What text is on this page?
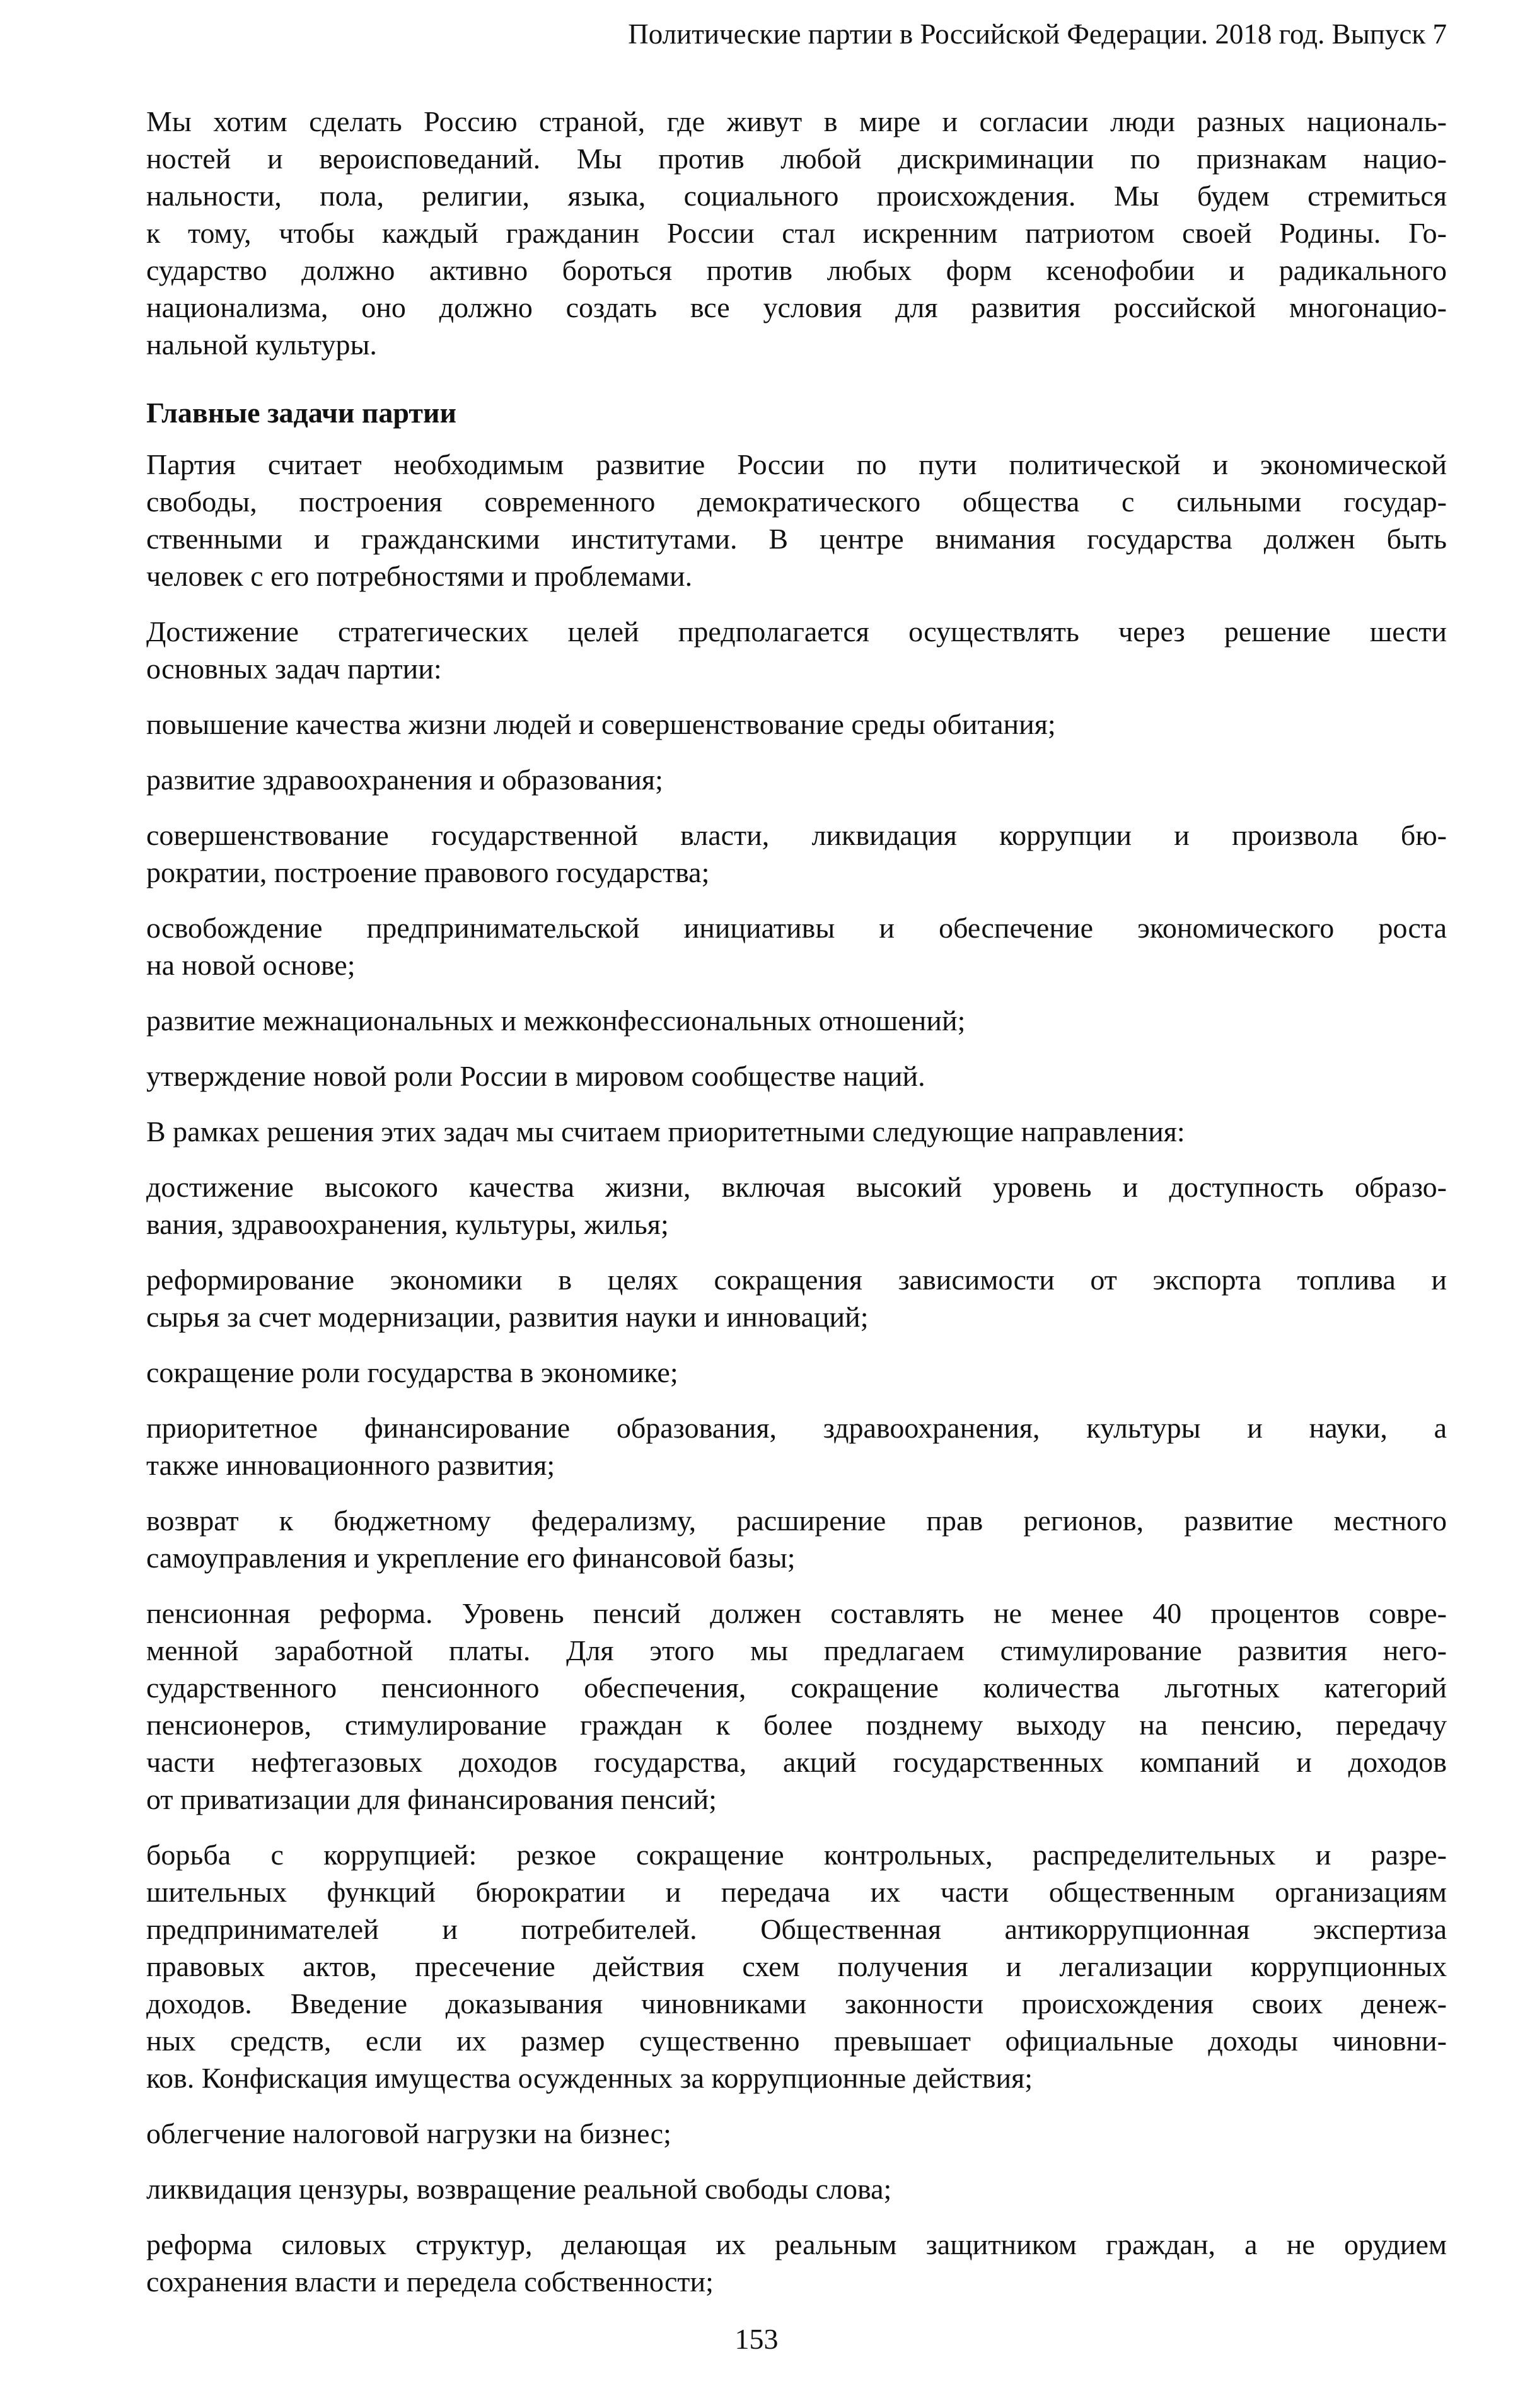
Политические партии в Российской Федерации. 2018 год. Выпуск 7
Мы хотим сделать Россию страной, где живут в мире и согласии люди разных националь-
ностей и вероисповеданий. Мы против любой дискриминации по признакам нацио-
нальности, пола, религии, языка, социального происхождения. Мы будем стремиться
к тому, чтобы каждый гражданин России стал искренним патриотом своей Родины. Го-
сударство должно активно бороться против любых форм ксенофобии и радикального
национализма, оно должно создать все условия для развития российской многонацио-
нальной культуры.
Главные задачи партии
Партия считает необходимым развитие России по пути политической и экономической
свободы, построения современного демократического общества с сильными государ-
ственными и гражданскими институтами. В центре внимания государства должен быть
человек с его потребностями и проблемами.
Достижение стратегических целей предполагается осуществлять через решение шести
основных задач партии:
повышение качества жизни людей и совершенствование среды обитания;
развитие здравоохранения и образования;
совершенствование государственной власти, ликвидация коррупции и произвола бю-
рократии, построение правового государства;
освобождение предпринимательской инициативы и обеспечение экономического роста
на новой основе;
развитие межнациональных и межконфессиональных отношений;
утверждение новой роли России в мировом сообществе наций.
В рамках решения этих задач мы считаем приоритетными следующие направления:
достижение высокого качества жизни, включая высокий уровень и доступность образо-
вания, здравоохранения, культуры, жилья;
реформирование экономики в целях сокращения зависимости от экспорта топлива и
сырья за счет модернизации, развития науки и инноваций;
сокращение роли государства в экономике;
приоритетное финансирование образования, здравоохранения, культуры и науки, а
также инновационного развития;
возврат к бюджетному федерализму, расширение прав регионов, развитие местного
самоуправления и укрепление его финансовой базы;
пенсионная реформа. Уровень пенсий должен составлять не менее 40 процентов совре-
менной заработной платы. Для этого мы предлагаем стимулирование развития него-
сударственного пенсионного обеспечения, сокращение количества льготных категорий
пенсионеров, стимулирование граждан к более позднему выходу на пенсию, передачу
части нефтегазовых доходов государства, акций государственных компаний и доходов
от приватизации для финансирования пенсий;
борьба с коррупцией: резкое сокращение контрольных, распределительных и разре-
шительных функций бюрократии и передача их части общественным организациям
предпринимателей и потребителей. Общественная антикоррупционная экспертиза
правовых актов, пресечение действия схем получения и легализации коррупционных
доходов. Введение доказывания чиновниками законности происхождения своих денеж-
ных средств, если их размер существенно превышает официальные доходы чиновни-
ков. Конфискация имущества осужденных за коррупционные действия;
облегчение налоговой нагрузки на бизнес;
ликвидация цензуры, возвращение реальной свободы слова;
реформа силовых структур, делающая их реальным защитником граждан, а не орудием
сохранения власти и передела собственности;
153
